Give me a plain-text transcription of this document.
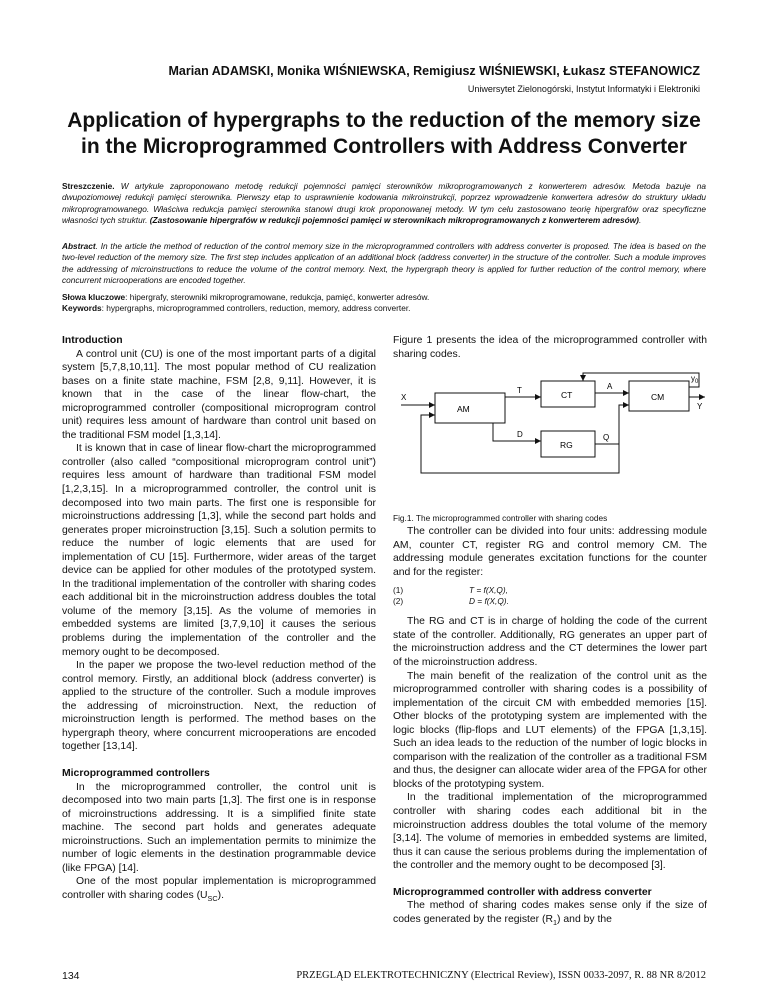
Marian ADAMSKI, Monika WIŚNIEWSKA, Remigiusz WIŚNIEWSKI, Łukasz STEFANOWICZ
Uniwersytet Zielonogórski, Instytut Informatyki i Elektroniki
Application of hypergraphs to the reduction of the memory size
in the Microprogrammed Controllers with Address Converter
Streszczenie. W artykule zaproponowano metodę redukcji pojemności pamięci sterowników mikroprogramowanych z konwerterem adresów. Metoda bazuje na dwupoziomowej redukcji pamięci sterownika. Pierwszy etap to usprawnienie kodowania mikroinstrukcji, poprzez wprowadzenie konwertera adresów do struktury układu mikroprogramowanego. Właściwa redukcja pamięci sterownika stanowi drugi krok proponowanej metody. W tym celu zastosowano teorię hipergrafów oraz specyficzne własności tych struktur. (Zastosowanie hipergrafów w redukcji pojemności pamięci w sterownikach mikroprogramowanych z konwerterem adresów).
Abstract. In the article the method of reduction of the control memory size in the microprogrammed controllers with address converter is proposed. The idea is based on the two-level reduction of the memory size. The first step includes application of an additional block (address converter) in the structure of the controller. Such a module improves the addressing of microinstructions to reduce the volume of the control memory. Next, the hypergraph theory is applied for further reduction of the control memory, where concurrent microoperations are encoded together.
Słowa kluczowe: hipergrafy, sterowniki mikroprogramowane, redukcja, pamięć, konwerter adresów.
Keywords: hypergraphs, microprogrammed controllers, reduction, memory, address converter.

Introduction

A control unit (CU) is one of the most important parts of a digital system [5,7,8,10,11]. The most popular method of CU realization bases on a finite state machine, FSM [2,8, 9,11]. However, it is known that in the case of the linear flow-chart, the microprogrammed controller (compositional microprogram control unit) requires less amount of hardware than control unit based on the traditional FSM model [1,3,14].

It is known that in case of linear flow-chart the microprogrammed controller (also called “compositional microprogram control unit”) requires less amount of hardware than traditional FSM model [1,2,3,15]. In a microprogrammed controller, the control unit is decomposed into two main parts. The first one is responsible for microinstructions addressing [1,3], while the second part holds and generates proper microinstruction [3,15]. Such a solution permits to reduce the number of logic elements that are used for implementation of CU [15]. Furthermore, wider areas of the target device can be applied for other modules of the prototyped system. In the traditional implementation of the controller with sharing codes each additional bit in the microinstruction address doubles the total volume of the memory [3,15]. As the volume of memories in embedded systems are limited [3,7,9,10] it causes the serious problems during the implementation of the controller and the memory ought to be decomposed.

In the paper we propose the two-level reduction method of the control memory. Firstly, an additional block (address converter) is applied to the structure of the controller. Such a module improves the addressing of microinstruction. Next, the reduction of microinstruction length is performed. The method bases on the hypergraph theory, where concurrent microoperations are encoded together [13,14].

Microprogrammed controllers

In the microprogrammed controller, the control unit is decomposed into two main parts [1,3]. The first one is in response of microinstructions addressing. It is a simplified finite state machine. The second part holds and generates adequate microinstructions. Such an implementation permits to minimize the number of logic elements in the destination programmable device (like FPGA) [14].

One of the most popular implementation is microprogrammed controller with sharing codes $(U_{SC})$.

Figure 1 presents the idea of the microprogrammed controller with sharing codes.

X
T	A
$y_0$
AM
CT	CM
Y
D
RG
Q

Fig.1. The microprogrammed controller with sharing codes

The controller can be divided into four units: addressing module AM, counter CT, register RG and control memory CM. The addressing module generates excitation functions for the counter and for the register:

(1)	T = f(X,Q),
(2)	D = f(X,Q).

The RG and CT is in charge of holding the code of the current state of the controller. Additionally, RG generates an upper part of the microinstruction address and the CT determines the lower part of the microinstruction address.

The main benefit of the realization of the control unit as the microprogrammed controller with sharing codes is a possibility of implementation of the circuit CM with embedded memories [15]. Other blocks of the prototyping system are implemented with the logic blocks (flip-flops and LUT elements) of the FPGA [1,3,15]. Such an idea leads to the reduction of the number of logic blocks in comparison with the realization of the controller as a traditional FSM and thus, the designer can allocate wider area of the FPGA for other blocks of the prototyping system.

In the traditional implementation of the microprogrammed controller with sharing codes each additional bit in the microinstruction address doubles the total volume of the memory [3,14]. The volume of memories in embedded systems are limited, thus it can cause the serious problems during the implementation of the controller and the memory ought to be decomposed [3].

Microprogrammed controller with address converter

The method of sharing codes makes sense only if the size of codes generated by the register $(R_1)$ and by the

134	PRZEGLĄD ELEKTROTECHNICZNY (Electrical Review), ISSN 0033-2097, R. 88 NR 8/2012
